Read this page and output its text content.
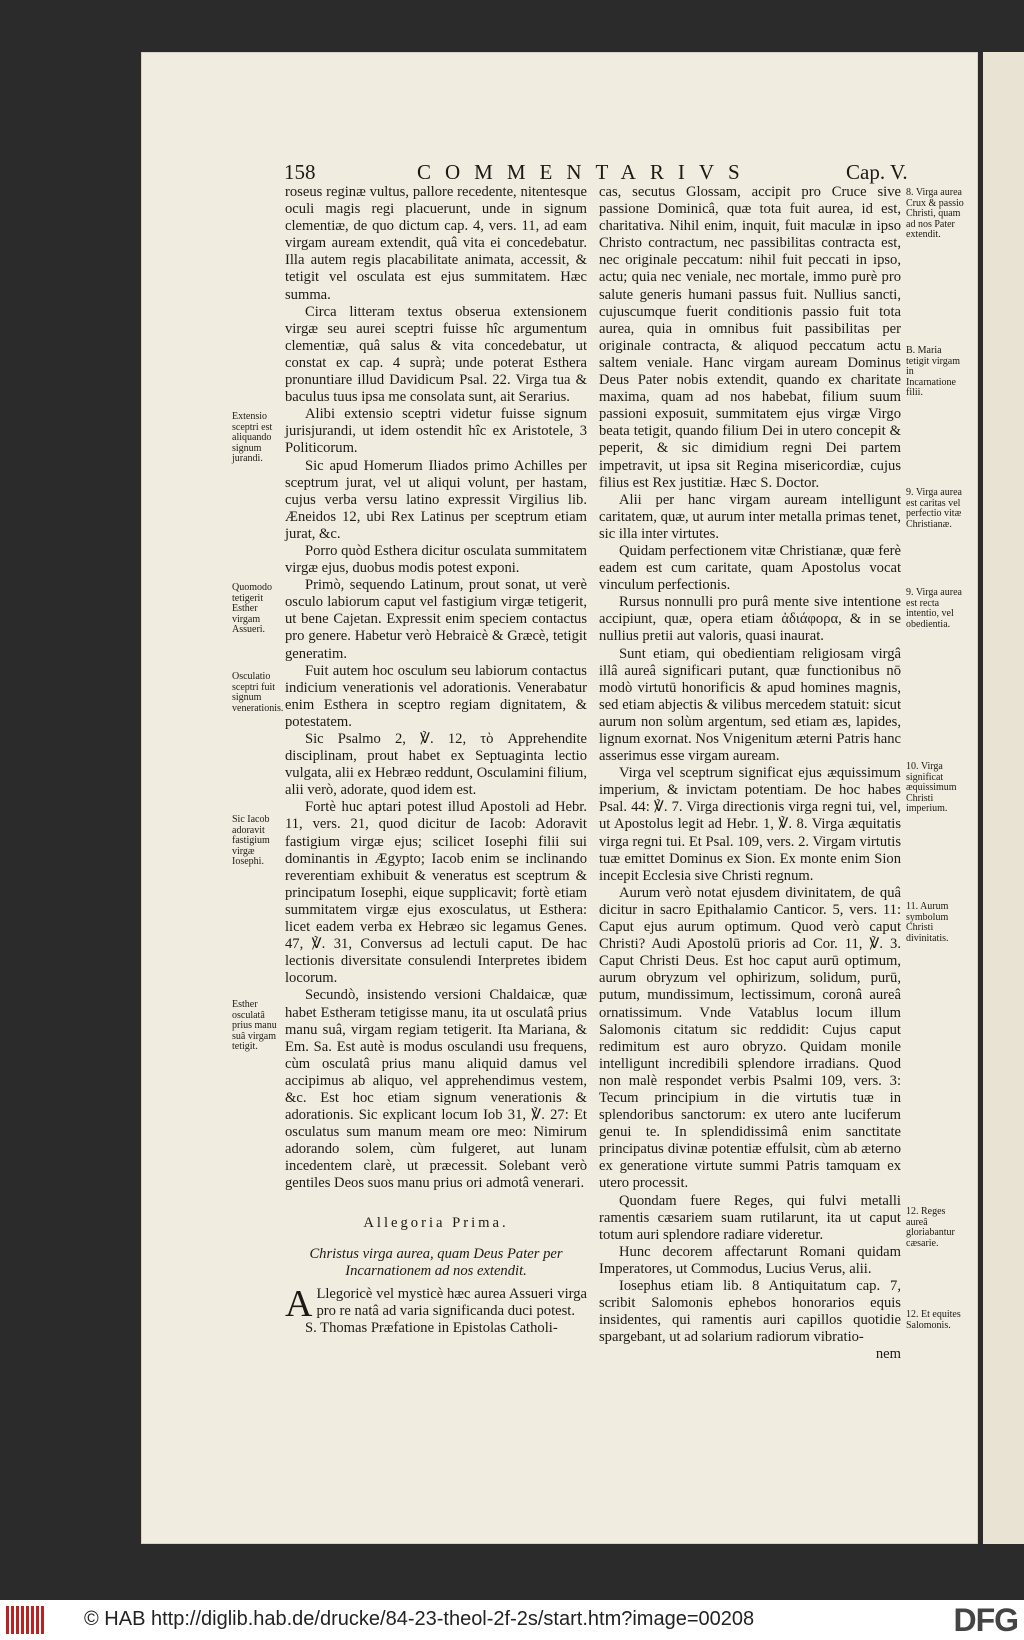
158	COMMENTARIVS	Cap. V.

roseus reginæ vultus, pallore recedente, nitentesque oculi magis regi placuerunt, unde in signum clementiæ, de quo dictum cap. 4, vers. 11, ad eam virgam auream extendit, quâ vita ei concedebatur. Illa autem regis placabilitate animata, accessit, & tetigit vel osculata est ejus summitatem. Hæc summa.

Circa litteram textus obserua extensionem virgæ seu aurei sceptri fuisse hîc argumentum clementiæ, quâ salus & vita concedebatur, ut constat ex cap. 4 suprà; unde poterat Esthera pronuntiare illud Davidicum Psal. 22. Virga tua & baculus tuus ipsa me consolata sunt, ait Serarius.

Alibi extensio sceptri videtur fuisse signum jurisjurandi, ut idem ostendit hîc ex Aristotele, 3 Politicorum.

Sic apud Homerum Iliados primo Achilles per sceptrum jurat, vel ut aliqui volunt, per hastam, cujus verba versu latino expressit Virgilius lib. Æneidos 12, ubi Rex Latinus per sceptrum etiam jurat, &c.

Porro quòd Esthera dicitur osculata summitatem virgæ ejus, duobus modis potest exponi.

Primò, sequendo Latinum, prout sonat, ut verè osculo labiorum caput vel fastigium virgæ tetigerit, ut bene Cajetan. Expressit enim speciem contactus pro genere. Habetur verò Hebraicè & Græcè, tetigit generatim.

Fuit autem hoc osculum seu labiorum contactus indicium venerationis vel adorationis. Venerabatur enim Esthera in sceptro regiam dignitatem, & potestatem.

Sic Psalmo 2, ℣. 12, τὸ Apprehendite disciplinam, prout habet ex Septuaginta lectio vulgata, alii ex Hebræo reddunt, Osculamini filium, alii verò, adorate, quod idem est.

Fortè huc aptari potest illud Apostoli ad Hebr. 11, vers. 21, quod dicitur de Iacob: Adoravit fastigium virgæ ejus; scilicet Iosephi filii sui dominantis in Ægypto; Iacob enim se inclinando reverentiam exhibuit & veneratus est sceptrum & principatum Iosephi, eique supplicavit; fortè etiam summitatem virgæ ejus exosculatus, ut Esthera: licet eadem verba ex Hebræo sic legamus Genes. 47, ℣. 31, Conversus ad lectuli caput. De hac lectionis diversitate consulendi Interpretes ibidem locorum.

Secundò, insistendo versioni Chaldaicæ, quæ habet Estheram tetigisse manu, ita ut osculatâ prius manu suâ, virgam regiam tetigerit. Ita Mariana, & Em. Sa. Est autè is modus osculandi usu frequens, cùm osculatâ prius manu aliquid damus vel accipimus ab aliquo, vel apprehendimus vestem, &c. Est hoc etiam signum venerationis & adorationis. Sic explicant locum Iob 31, ℣. 27: Et osculatus sum manum meam ore meo: Nimirum adorando solem, cùm fulgeret, aut lunam incedentem clarè, ut præcessit. Solebant verò gentiles Deos suos manu prius ori admotâ venerari.

Allegoria Prima.
Christus virga aurea, quam Deus Pater per Incarnationem ad nos extendit.

A Llegoricè vel mysticè hæc aurea Assueri virga pro re natâ ad varia significanda duci potest.

S. Thomas Præfatione in Epistolas Catholi-

cas, secutus Glossam, accipit pro Cruce sive passione Dominicâ, quæ tota fuit aurea, id est, charitativa. Nihil enim, inquit, fuit maculæ in ipso Christo contractum, nec passibilitas contracta est, nec originale peccatum: nihil fuit peccati in ipso, actu; quia nec veniale, nec mortale, immo purè pro salute generis humani passus fuit. Nullius sancti, cujuscumque fuerit conditionis passio fuit tota aurea, quia in omnibus fuit passibilitas per originale contracta, & aliquod peccatum actu saltem veniale. Hanc virgam auream Dominus Deus Pater nobis extendit, quando ex charitate maxima, quam ad nos habebat, filium suum passioni exposuit, summitatem ejus virgæ Virgo beata tetigit, quando filium Dei in utero concepit & peperit, & sic dimidium regni Dei partem impetravit, ut ipsa sit Regina misericordiæ, cujus filius est Rex justitiæ. Hæc S. Doctor.

Alii per hanc virgam auream intelligunt caritatem, quæ, ut aurum inter metalla primas tenet, sic illa inter virtutes.

Quidam perfectionem vitæ Christianæ, quæ ferè eadem est cum caritate, quam Apostolus vocat vinculum perfectionis.

Rursus nonnulli pro purâ mente sive intentione accipiunt, quæ, opera etiam ἀδιάφορα, & in se nullius pretii aut valoris, quasi inaurat.

Sunt etiam, qui obedientiam religiosam virgâ illâ aureâ significari putant, quæ functionibus nō modò virtutū honorificis & apud homines magnis, sed etiam abjectis & vilibus mercedem statuit: sicut aurum non solùm argentum, sed etiam æs, lapides, lignum exornat. Nos Vnigenitum æterni Patris hanc asserimus esse virgam auream.

Virga vel sceptrum significat ejus æquissimum imperium, & invictam potentiam. De hoc habes Psal. 44: ℣. 7. Virga directionis virga regni tui, vel, ut Apostolus legit ad Hebr. 1, ℣. 8. Virga æquitatis virga regni tui. Et Psal. 109, vers. 2. Virgam virtutis tuæ emittet Dominus ex Sion. Ex monte enim Sion incepit Ecclesia sive Christi regnum.

Aurum verò notat ejusdem divinitatem, de quâ dicitur in sacro Epithalamio Canticor. 5, vers. 11: Caput ejus aurum optimum. Quod verò caput Christi? Audi Apostolū prioris ad Cor. 11, ℣. 3. Caput Christi Deus. Est hoc caput aurū optimum, aurum obryzum vel ophirizum, solidum, purū, putum, mundissimum, lectissimum, coronâ aureâ ornatissimum. Vnde Vatablus locum illum Salomonis citatum sic reddidit: Cujus caput redimitum est auro obryzo. Quidam monile intelligunt incredibili splendore irradians. Quod non malè respondet verbis Psalmi 109, vers. 3: Tecum principium in die virtutis tuæ in splendoribus sanctorum: ex utero ante luciferum genui te. In splendidissimâ enim sanctitate principatus divinæ potentiæ effulsit, cùm ab æterno ex generatione virtute summi Patris tamquam ex utero processit.

Quondam fuere Reges, qui fulvi metalli ramentis cæsariem suam rutilarunt, ita ut caput totum auri splendore radiare videretur.

Hunc decorem affectarunt Romani quidam Imperatores, ut Commodus, Lucius Verus, alii.

Iosephus etiam lib. 8 Antiquitatum cap. 7, scribit Salomonis ephebos honorarios equis insidentes, qui ramentis auri capillos quotidie spargebant, ut ad solarium radiorum vibratio-

nem

Extensio sceptri est aliquando signum jurandi.
Quomodo tetigerit Esther virgam Assueri.
Osculatio sceptri fuit signum venerationis.
Sic Iacob adoravit fastigium virgæ Iosephi.
Esther osculatâ prius manu suâ virgam tetigit.
8. Virga aurea Crux & passio Christi, quam ad nos Pater extendit.
B. Maria tetigit virgam in Incarnatione filii.
9. Virga aurea est caritas vel perfectio vitæ Christianæ.
9. Virga aurea est recta intentio, vel obedientia.
10. Virga significat æquissimum Christi imperium.
11. Aurum symbolum Christi divinitatis.
12. Reges aureâ gloriabantur cæsarie.
12. Et equites Salomonis.
© HAB http://diglib.hab.de/drucke/84-23-theol-2f-2s/start.htm?image=00208	DFG
